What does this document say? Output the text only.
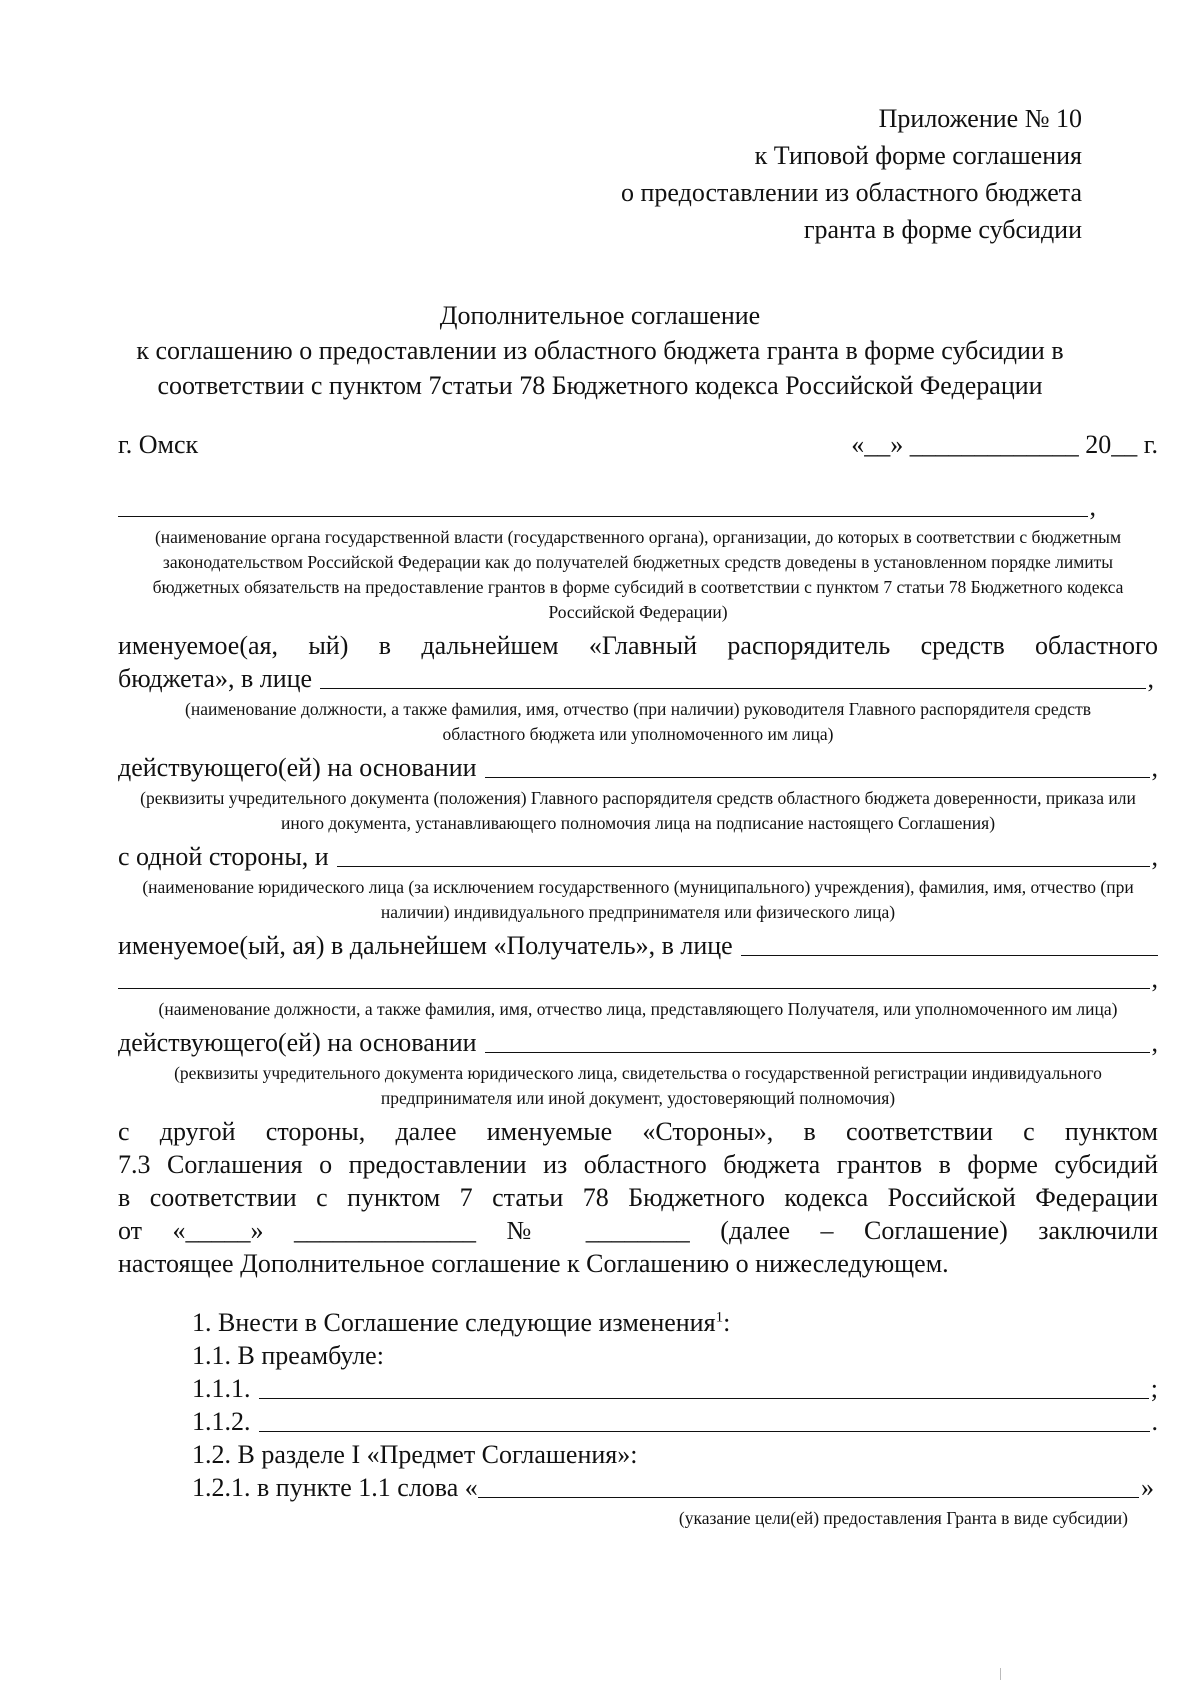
Приложение № 10
к Типовой форме соглашения
о предоставлении из областного бюджета
гранта в форме субсидии
Дополнительное соглашение
к соглашению о предоставлении из областного бюджета гранта в форме субсидии в
соответствии с пунктом 7статьи 78 Бюджетного кодекса Российской Федерации
г. Омск	«__» _____________ 20__ г.
,
(наименование органа государственной власти (государственного органа), организации, до которых в соответствии с бюджетным законодательством Российской Федерации как до получателей бюджетных средств доведены в установленном порядке лимиты бюджетных обязательств на предоставление грантов в форме субсидий в соответствии с пунктом 7 статьи 78 Бюджетного кодекса Российской Федерации)
именуемое(ая, ый) в дальнейшем «Главный распорядитель средств областного
бюджета», в лице	,
(наименование должности, а также фамилия, имя, отчество (при наличии) руководителя Главного распорядителя средств областного бюджета или уполномоченного им лица)
действующего(ей) на основании	,
(реквизиты учредительного документа (положения) Главного распорядителя средств областного бюджета доверенности, приказа или иного документа, устанавливающего полномочия лица на подписание настоящего Соглашения)
с одной стороны, и	,
(наименование юридического лица (за исключением государственного (муниципального) учреждения), фамилия, имя, отчество (при наличии) индивидуального предпринимателя или физического лица)
именуемое(ый, ая) в дальнейшем «Получатель», в лице
,
(наименование должности, а также фамилия, имя, отчество лица, представляющего Получателя, или уполномоченного им лица)
действующего(ей) на основании	,
(реквизиты учредительного документа юридического лица, свидетельства о государственной регистрации индивидуального предпринимателя или иной документ, удостоверяющий полномочия)
с другой стороны, далее именуемые «Стороны», в соответствии с пунктом
7.3 Соглашения о предоставлении из областного бюджета грантов в форме субсидий
в соответствии с пунктом 7 статьи 78 Бюджетного кодекса Российской Федерации
от «_____» ______________ № ________ (далее – Соглашение) заключили
настоящее Дополнительное соглашение к Соглашению о нижеследующем.
1. Внести в Соглашение следующие изменения$^1$:
1.1. В преамбуле:
1.1.1.	;
1.1.2.	.
1.2. В разделе I «Предмет Соглашения»:
1.2.1. в пункте 1.1 слова «	»
(указание цели(ей) предоставления Гранта в виде субсидии)
